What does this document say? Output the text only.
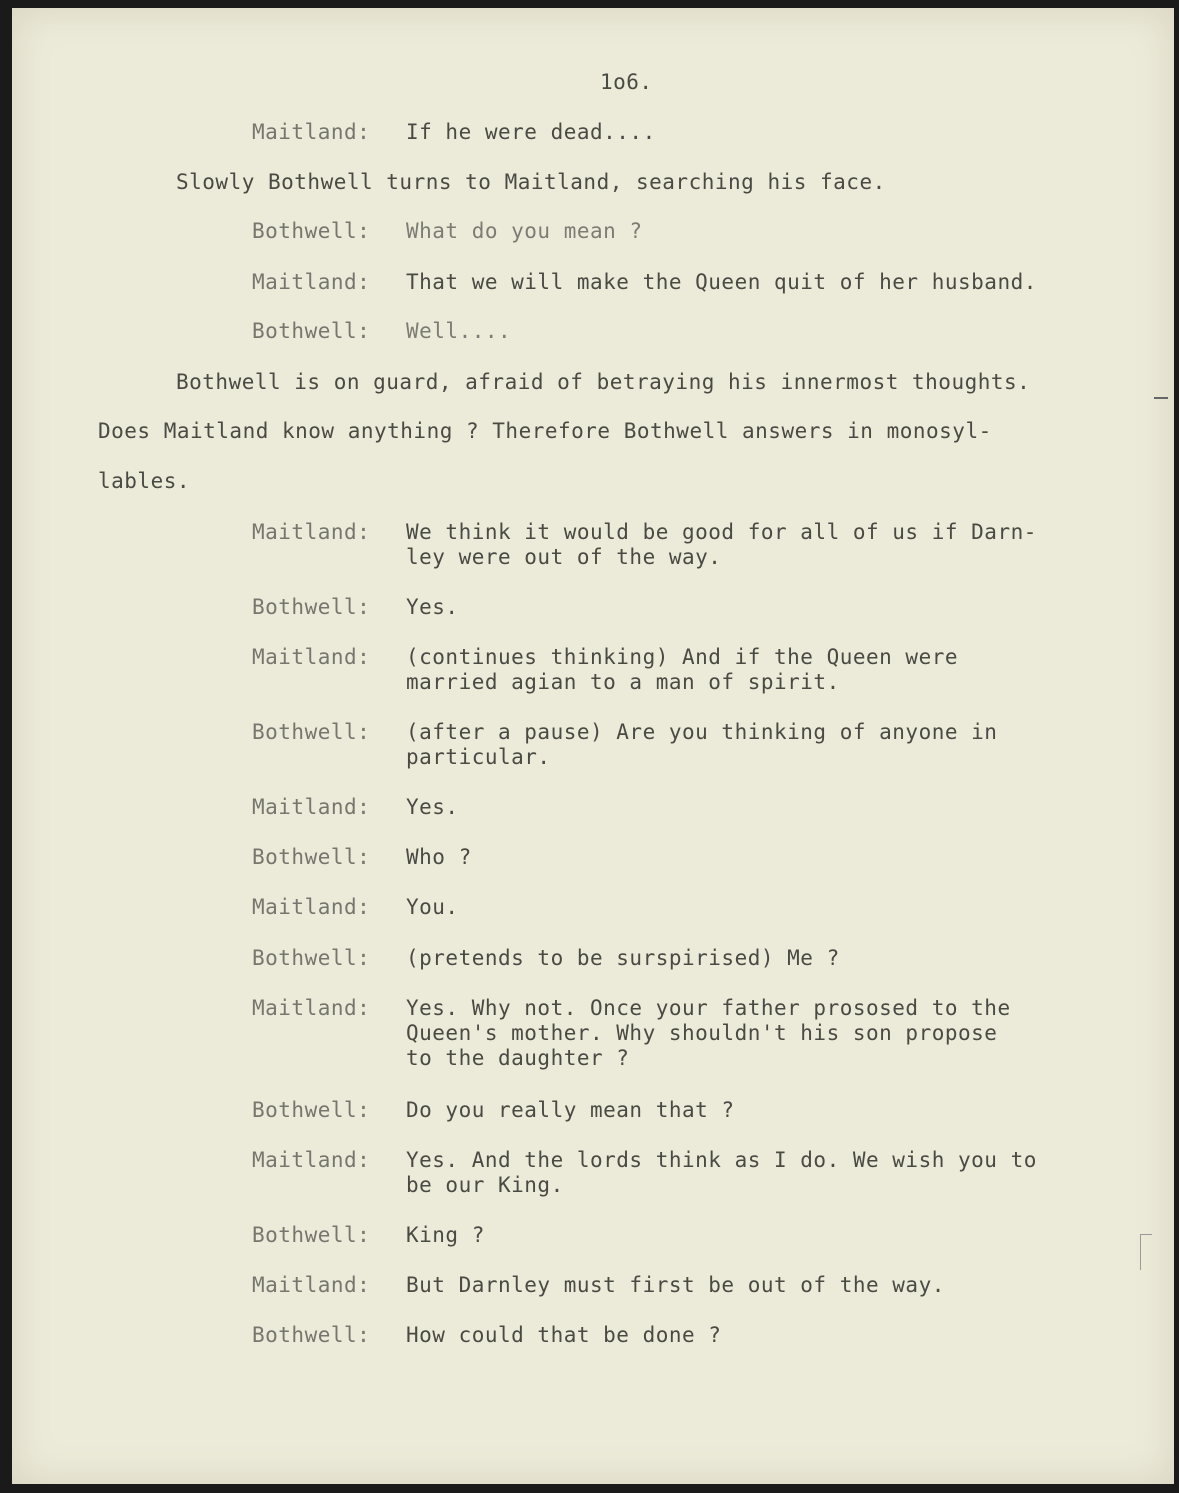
1o6.
Maitland: If he were dead....
Slowly Bothwell turns to Maitland, searching his face.
Bothwell: What do you mean ?
Maitland: That we will make the Queen quit of her husband.
Bothwell: Well....
Bothwell is on guard, afraid of betraying his innermost thoughts.
Does Maitland know anything ? Therefore Bothwell answers in monosyl-
lables.
Maitland: We think it would be good for all of us if Darn-
ley were out of the way.
Bothwell: Yes.
Maitland: (continues thinking) And if the Queen were
married agian to a man of spirit.
Bothwell: (after a pause) Are you thinking of anyone in
particular.
Maitland: Yes.
Bothwell: Who ?
Maitland: You.
Bothwell: (pretends to be surspirised) Me ?
Maitland: Yes. Why not. Once your father prososed to the
Queen's mother. Why shouldn't his son propose
to the daughter ?
Bothwell: Do you really mean that ?
Maitland: Yes. And the lords think as I do. We wish you to
be our King.
Bothwell: King ?
Maitland: But Darnley must first be out of the way.
Bothwell: How could that be done ?
